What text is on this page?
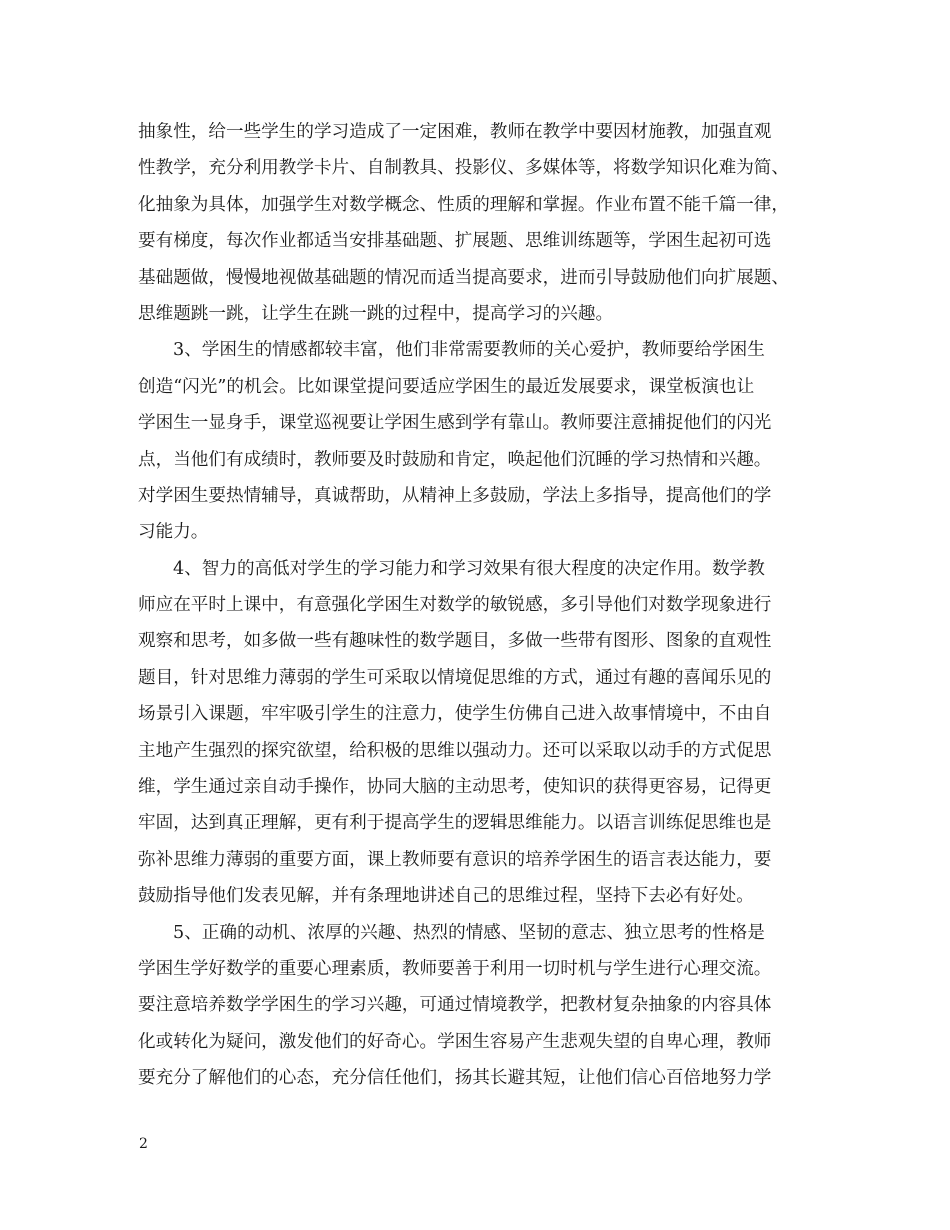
抽象性，给一些学生的学习造成了一定困难，教师在教学中要因材施教，加强直观
性教学，充分利用教学卡片、自制教具、投影仪、多媒体等，将数学知识化难为简、
化抽象为具体，加强学生对数学概念、性质的理解和掌握。作业布置不能千篇一律，
要有梯度，每次作业都适当安排基础题、扩展题、思维训练题等，学困生起初可选
基础题做，慢慢地视做基础题的情况而适当提高要求，进而引导鼓励他们向扩展题、
思维题跳一跳，让学生在跳一跳的过程中，提高学习的兴趣。
3、学困生的情感都较丰富，他们非常需要教师的关心爱护，教师要给学困生
创造“闪光”的机会。比如课堂提问要适应学困生的最近发展要求，课堂板演也让
学困生一显身手，课堂巡视要让学困生感到学有靠山。教师要注意捕捉他们的闪光
点，当他们有成绩时，教师要及时鼓励和肯定，唤起他们沉睡的学习热情和兴趣。
对学困生要热情辅导，真诚帮助，从精神上多鼓励，学法上多指导，提高他们的学
习能力。
4、智力的高低对学生的学习能力和学习效果有很大程度的决定作用。数学教
师应在平时上课中，有意强化学困生对数学的敏锐感，多引导他们对数学现象进行
观察和思考，如多做一些有趣味性的数学题目，多做一些带有图形、图象的直观性
题目，针对思维力薄弱的学生可采取以情境促思维的方式，通过有趣的喜闻乐见的
场景引入课题，牢牢吸引学生的注意力，使学生仿佛自己进入故事情境中，不由自
主地产生强烈的探究欲望，给积极的思维以强动力。还可以采取以动手的方式促思
维，学生通过亲自动手操作，协同大脑的主动思考，使知识的获得更容易，记得更
牢固，达到真正理解，更有利于提高学生的逻辑思维能力。以语言训练促思维也是
弥补思维力薄弱的重要方面，课上教师要有意识的培养学困生的语言表达能力，要
鼓励指导他们发表见解，并有条理地讲述自己的思维过程，坚持下去必有好处。
5、正确的动机、浓厚的兴趣、热烈的情感、坚韧的意志、独立思考的性格是
学困生学好数学的重要心理素质，教师要善于利用一切时机与学生进行心理交流。
要注意培养数学学困生的学习兴趣，可通过情境教学，把教材复杂抽象的内容具体
化或转化为疑问，激发他们的好奇心。学困生容易产生悲观失望的自卑心理，教师
要充分了解他们的心态，充分信任他们，扬其长避其短，让他们信心百倍地努力学
2
